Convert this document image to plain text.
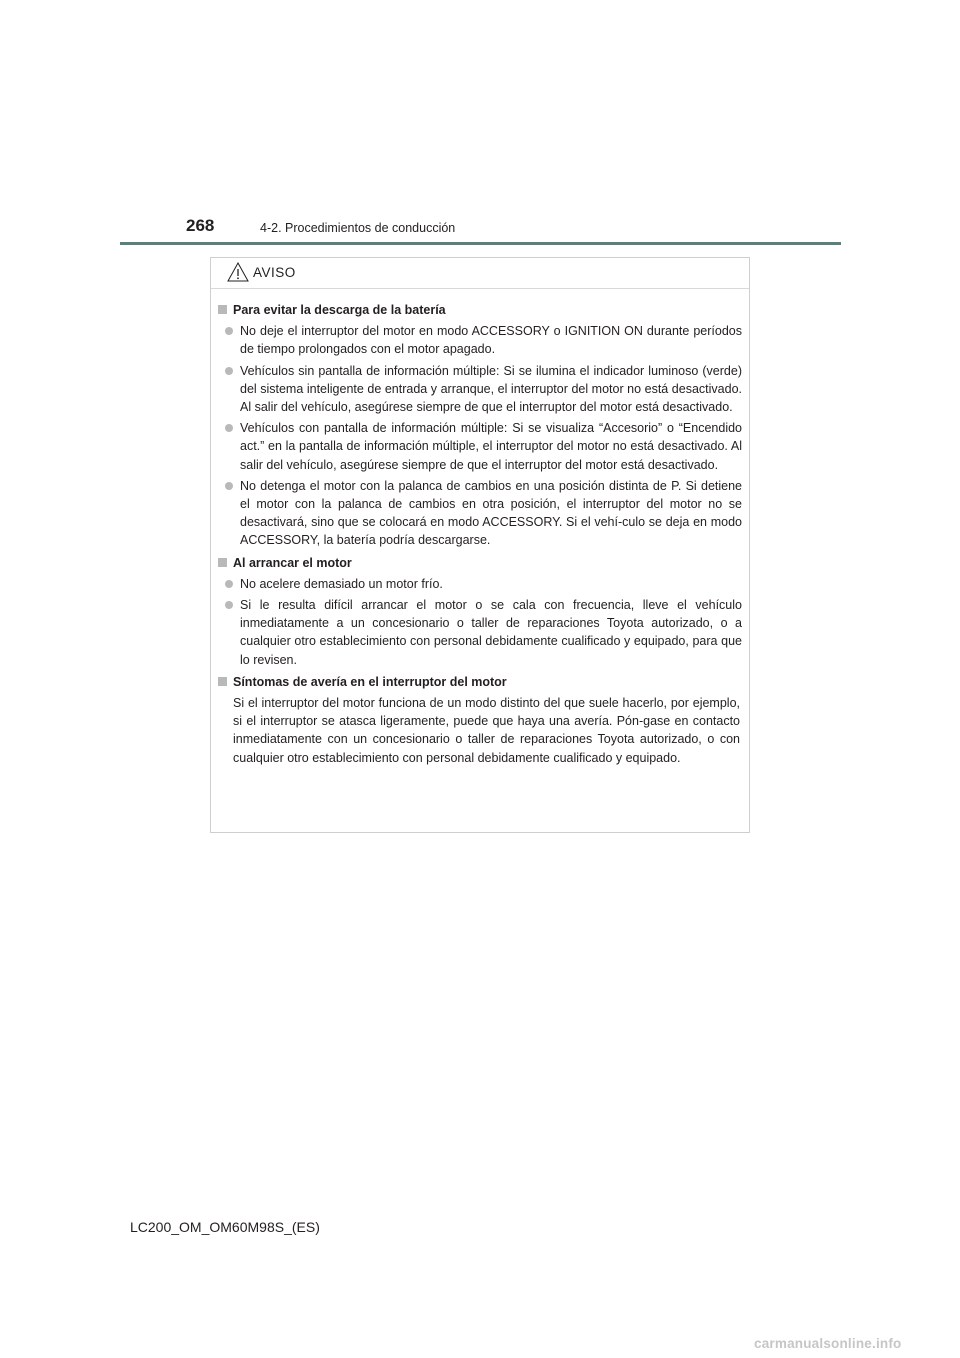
268	4-2. Procedimientos de conducción
AVISO
Para evitar la descarga de la batería
No deje el interruptor del motor en modo ACCESSORY o IGNITION ON durante períodos de tiempo prolongados con el motor apagado.
Vehículos sin pantalla de información múltiple: Si se ilumina el indicador luminoso (verde) del sistema inteligente de entrada y arranque, el interruptor del motor no está desactivado. Al salir del vehículo, asegúrese siempre de que el interruptor del motor está desactivado.
Vehículos con pantalla de información múltiple: Si se visualiza “Accesorio” o “Encendido act.” en la pantalla de información múltiple, el interruptor del motor no está desactivado. Al salir del vehículo, asegúrese siempre de que el interruptor del motor está desactivado.
No detenga el motor con la palanca de cambios en una posición distinta de P. Si detiene el motor con la palanca de cambios en otra posición, el interruptor del motor no se desactivará, sino que se colocará en modo ACCESSORY. Si el vehí-culo se deja en modo ACCESSORY, la batería podría descargarse.
Al arrancar el motor
No acelere demasiado un motor frío.
Si le resulta difícil arrancar el motor o se cala con frecuencia, lleve el vehículo inmediatamente a un concesionario o taller de reparaciones Toyota autorizado, o a cualquier otro establecimiento con personal debidamente cualificado y equipado, para que lo revisen.
Síntomas de avería en el interruptor del motor
Si el interruptor del motor funciona de un modo distinto del que suele hacerlo, por ejemplo, si el interruptor se atasca ligeramente, puede que haya una avería. Pón-gase en contacto inmediatamente con un concesionario o taller de reparaciones Toyota autorizado, o con cualquier otro establecimiento con personal debidamente cualificado y equipado.
LC200_OM_OM60M98S_(ES)
carmanualsonline.info
